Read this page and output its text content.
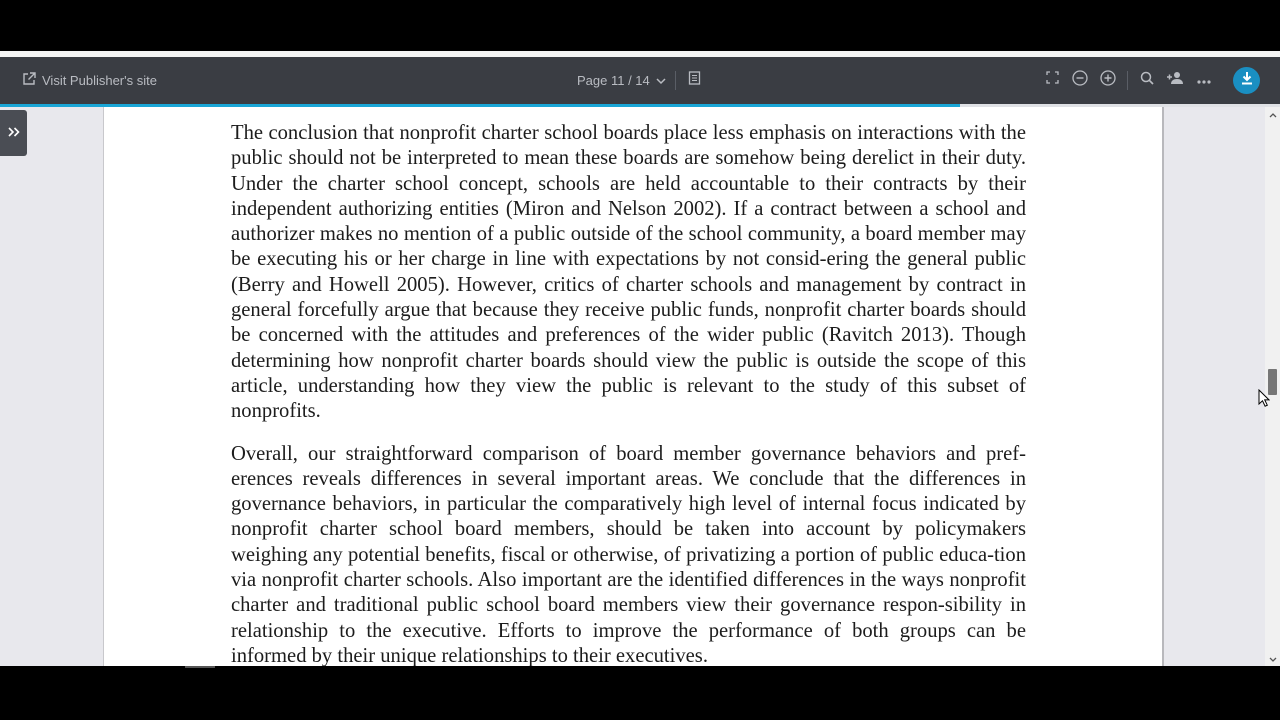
Visit Publisher's site	Page 11 / 14

The conclusion that nonprofit charter school boards place less emphasis on interactions with the public should not be interpreted to mean these boards are somehow being derelict in their duty. Under the charter school concept, schools are held accountable to their contracts by their independent authorizing entities (Miron and Nelson 2002). If a contract between a school and authorizer makes no mention of a public outside of the school community, a board member may be executing his or her charge in line with expectations by not consid-ering the general public (Berry and Howell 2005). However, critics of charter schools and management by contract in general forcefully argue that because they receive public funds, nonprofit charter boards should be concerned with the attitudes and preferences of the wider public (Ravitch 2013). Though determining how nonprofit charter boards should view the public is outside the scope of this article, understanding how they view the public is relevant to the study of this subset of nonprofits.

Overall, our straightforward comparison of board member governance behaviors and pref-erences reveals differences in several important areas. We conclude that the differences in governance behaviors, in particular the comparatively high level of internal focus indicated by nonprofit charter school board members, should be taken into account by policymakers weighing any potential benefits, fiscal or otherwise, of privatizing a portion of public educa-tion via nonprofit charter schools. Also important are the identified differences in the ways nonprofit charter and traditional public school board members view their governance respon-sibility in relationship to the executive. Efforts to improve the performance of both groups can be informed by their unique relationships to their executives.
